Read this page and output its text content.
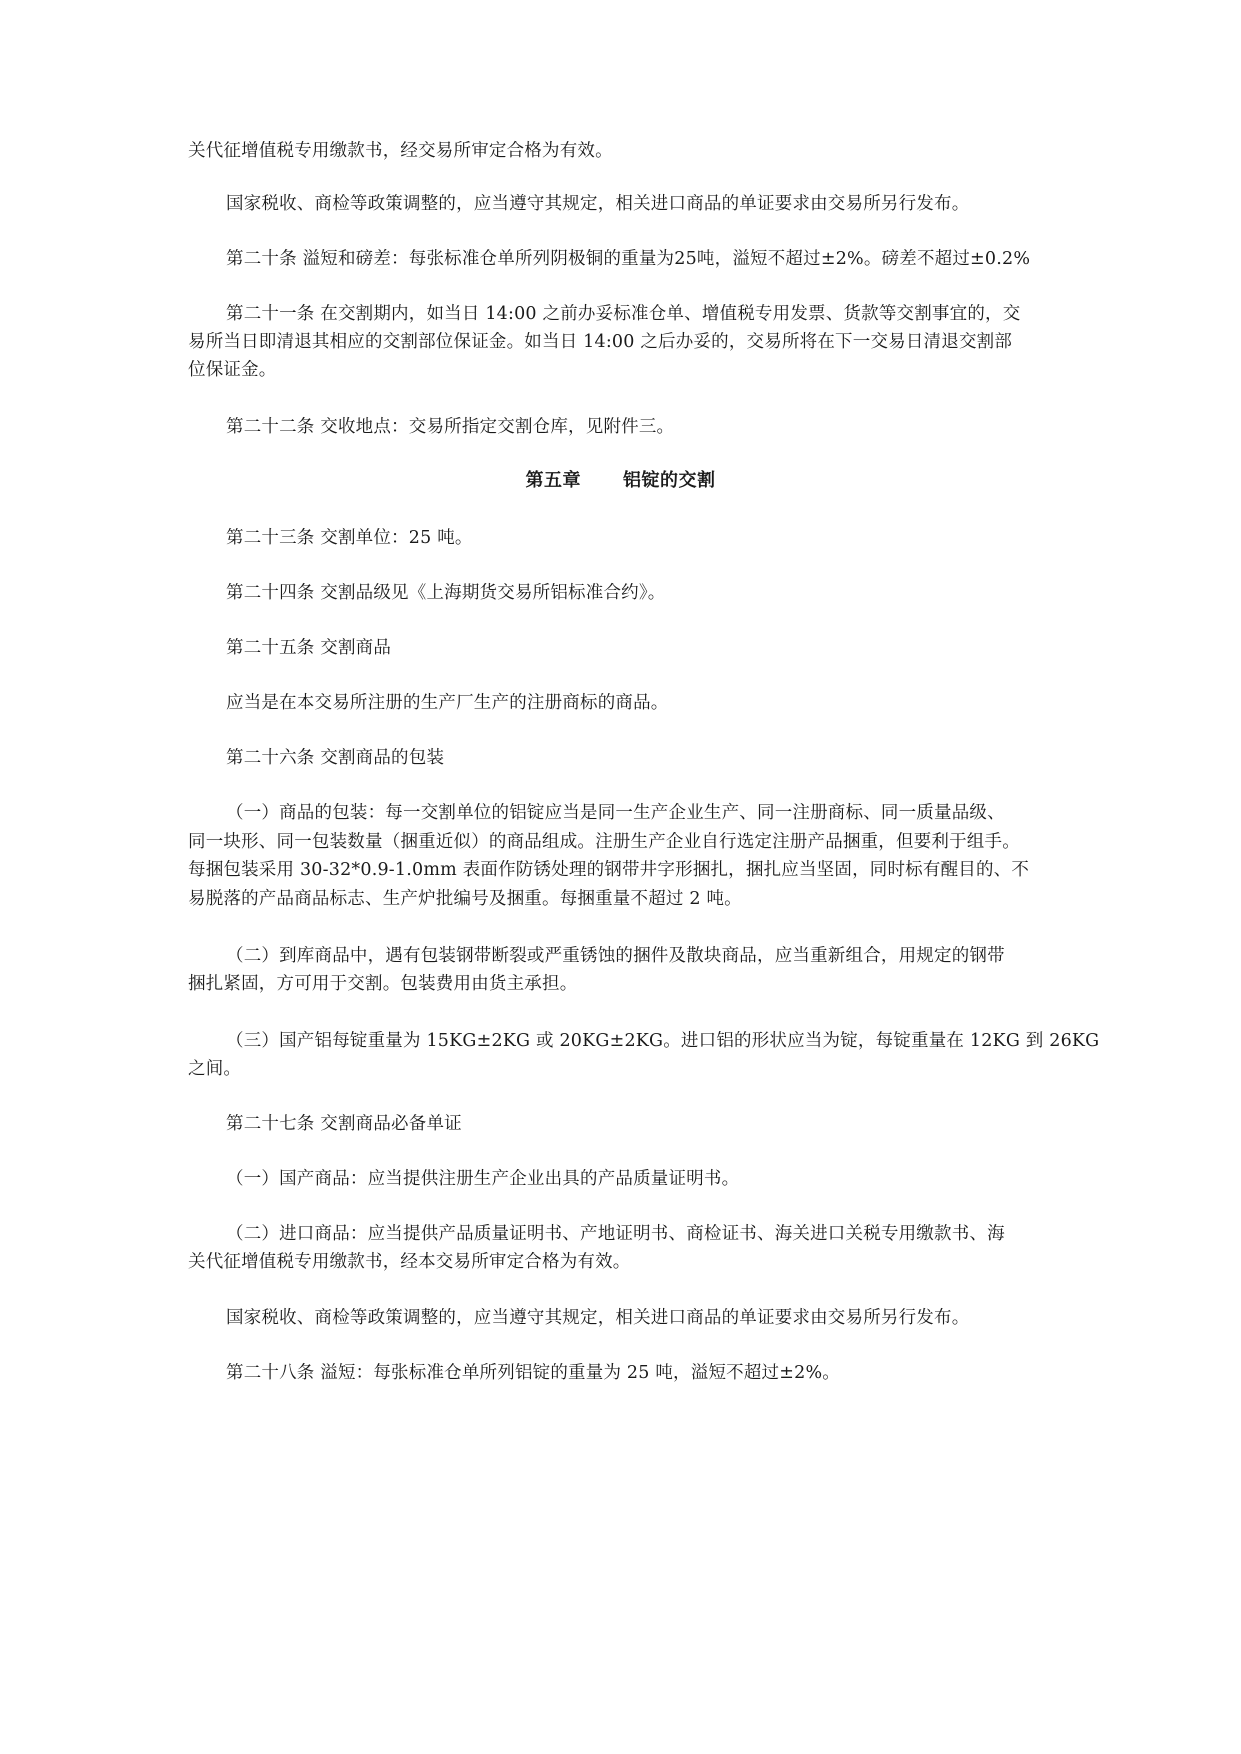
关代征增值税专用缴款书，经交易所审定合格为有效。
国家税收、商检等政策调整的，应当遵守其规定，相关进口商品的单证要求由交易所另行发布。
第二十条 溢短和磅差：每张标准仓单所列阴极铜的重量为25吨，溢短不超过±2%。磅差不超过±0.2%
第二十一条 在交割期内，如当日 14:00 之前办妥标准仓单、增值税专用发票、货款等交割事宜的，交
易所当日即清退其相应的交割部位保证金。如当日 14:00 之后办妥的，交易所将在下一交易日清退交割部
位保证金。
第二十二条 交收地点：交易所指定交割仓库，见附件三。
第五章 铝锭的交割
第二十三条 交割单位：25 吨。
第二十四条 交割品级见《上海期货交易所铝标准合约》。
第二十五条 交割商品
应当是在本交易所注册的生产厂生产的注册商标的商品。
第二十六条 交割商品的包装
（一）商品的包装：每一交割单位的铝锭应当是同一生产企业生产、同一注册商标、同一质量品级、
同一块形、同一包装数量（捆重近似）的商品组成。注册生产企业自行选定注册产品捆重，但要利于组手。
每捆包装采用 30-32*0.9-1.0mm 表面作防锈处理的钢带井字形捆扎，捆扎应当坚固，同时标有醒目的、不
易脱落的产品商品标志、生产炉批编号及捆重。每捆重量不超过 2 吨。
（二）到库商品中，遇有包装钢带断裂或严重锈蚀的捆件及散块商品，应当重新组合，用规定的钢带
捆扎紧固，方可用于交割。包装费用由货主承担。
（三）国产铝每锭重量为 15KG±2KG 或 20KG±2KG。进口铝的形状应当为锭，每锭重量在 12KG 到 26KG
之间。
第二十七条 交割商品必备单证
（一）国产商品：应当提供注册生产企业出具的产品质量证明书。
（二）进口商品：应当提供产品质量证明书、产地证明书、商检证书、海关进口关税专用缴款书、海
关代征增值税专用缴款书，经本交易所审定合格为有效。
国家税收、商检等政策调整的，应当遵守其规定，相关进口商品的单证要求由交易所另行发布。
第二十八条 溢短：每张标准仓单所列铝锭的重量为 25 吨，溢短不超过±2%。
